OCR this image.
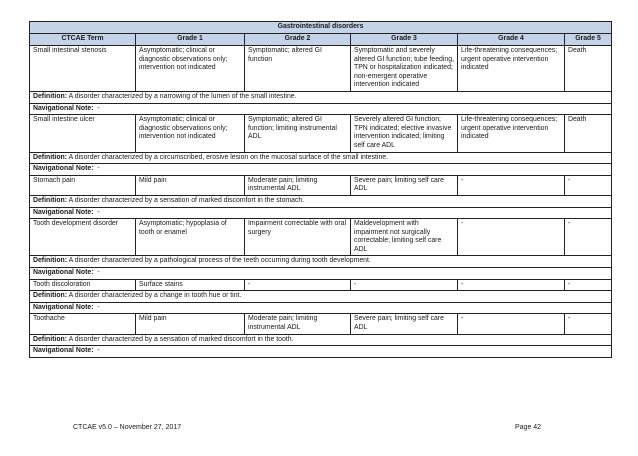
Gastrointestinal disorders					
CTCAE Term	Grade 1	Grade 2	Grade 3	Grade 4	Grade 5
Small intestinal stenosis	Asymptomatic; clinical or diagnostic observations only; intervention not indicated	Symptomatic; altered GI function	Symptomatic and severely altered GI function; tube feeding, TPN or hospitalization indicated; non-emergent operative intervention indicated	Life-threatening consequences; urgent operative intervention indicated	Death
Definition: A disorder characterized by a narrowing of the lumen of the small intestine.					
Navigational Note: -					
Small intestine ulcer	Asymptomatic; clinical or diagnostic observations only; intervention not indicated	Symptomatic; altered GI function; limiting instrumental ADL	Severely altered GI function; TPN indicated; elective invasive intervention indicated; limiting self care ADL	Life-threatening consequences; urgent operative intervention indicated	Death
Definition: A disorder characterized by a circumscribed, erosive lesion on the mucosal surface of the small intestine.					
Navigational Note: -					
Stomach pain	Mild pain	Moderate pain; limiting instrumental ADL	Severe pain; limiting self care ADL	-	-
Definition: A disorder characterized by a sensation of marked discomfort in the stomach.					
Navigational Note: -					
Tooth development disorder	Asymptomatic; hypoplasia of tooth or enamel	Impairment correctable with oral surgery	Maldevelopment with impairment not surgically correctable; limiting self care ADL	-	-
Definition: A disorder characterized by a pathological process of the teeth occurring during tooth development.					
Navigational Note: -					
Tooth discoloration	Surface stains	-	-	-	-
Definition: A disorder characterized by a change in tooth hue or tint.					
Navigational Note: -					
Toothache	Mild pain	Moderate pain; limiting instrumental ADL	Severe pain; limiting self care ADL	-	-
Definition: A disorder characterized by a sensation of marked discomfort in the tooth.					
Navigational Note: -					
CTCAE v5.0 – November 27, 2017	Page 42
